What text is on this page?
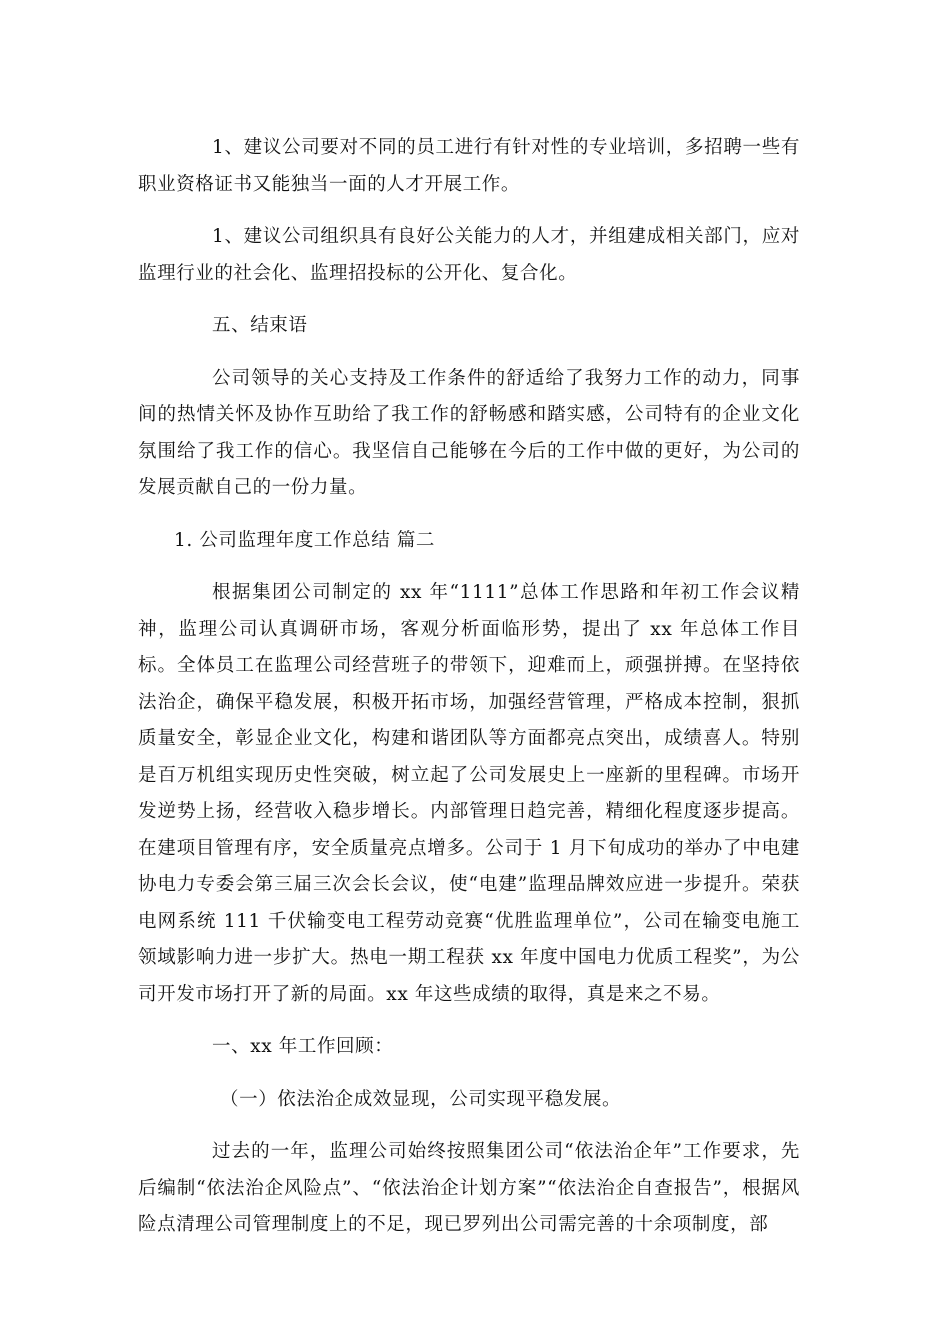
1、建议公司要对不同的员工进行有针对性的专业培训，多招聘一些有职业资格证书又能独当一面的人才开展工作。

1、建议公司组织具有良好公关能力的人才，并组建成相关部门，应对监理行业的社会化、监理招投标的公开化、复合化。

五、结束语

公司领导的关心支持及工作条件的舒适给了我努力工作的动力，同事间的热情关怀及协作互助给了我工作的舒畅感和踏实感，公司特有的企业文化氛围给了我工作的信心。我坚信自己能够在今后的工作中做的更好，为公司的发展贡献自己的一份力量。

1. 公司监理年度工作总结 篇二

根据集团公司制定的 xx 年“1111”总体工作思路和年初工作会议精神，监理公司认真调研市场，客观分析面临形势，提出了 xx 年总体工作目标。全体员工在监理公司经营班子的带领下，迎难而上，顽强拼搏。在坚持依法治企，确保平稳发展，积极开拓市场，加强经营管理，严格成本控制，狠抓质量安全，彰显企业文化，构建和谐团队等方面都亮点突出，成绩喜人。特别是百万机组实现历史性突破，树立起了公司发展史上一座新的里程碑。市场开发逆势上扬，经营收入稳步增长。内部管理日趋完善，精细化程度逐步提高。在建项目管理有序，安全质量亮点增多。公司于 1 月下旬成功的举办了中电建协电力专委会第三届三次会长会议，使“电建”监理品牌效应进一步提升。荣获电网系统 111 千伏输变电工程劳动竞赛“优胜监理单位”，公司在输变电施工领域影响力进一步扩大。热电一期工程获 xx 年度中国电力优质工程奖”，为公司开发市场打开了新的局面。xx 年这些成绩的取得，真是来之不易。

一、xx 年工作回顾：

（一）依法治企成效显现，公司实现平稳发展。

过去的一年，监理公司始终按照集团公司“依法治企年”工作要求，先后编制“依法治企风险点”、“依法治企计划方案”“依法治企自查报告”，根据风险点清理公司管理制度上的不足，现已罗列出公司需完善的十余项制度，部
